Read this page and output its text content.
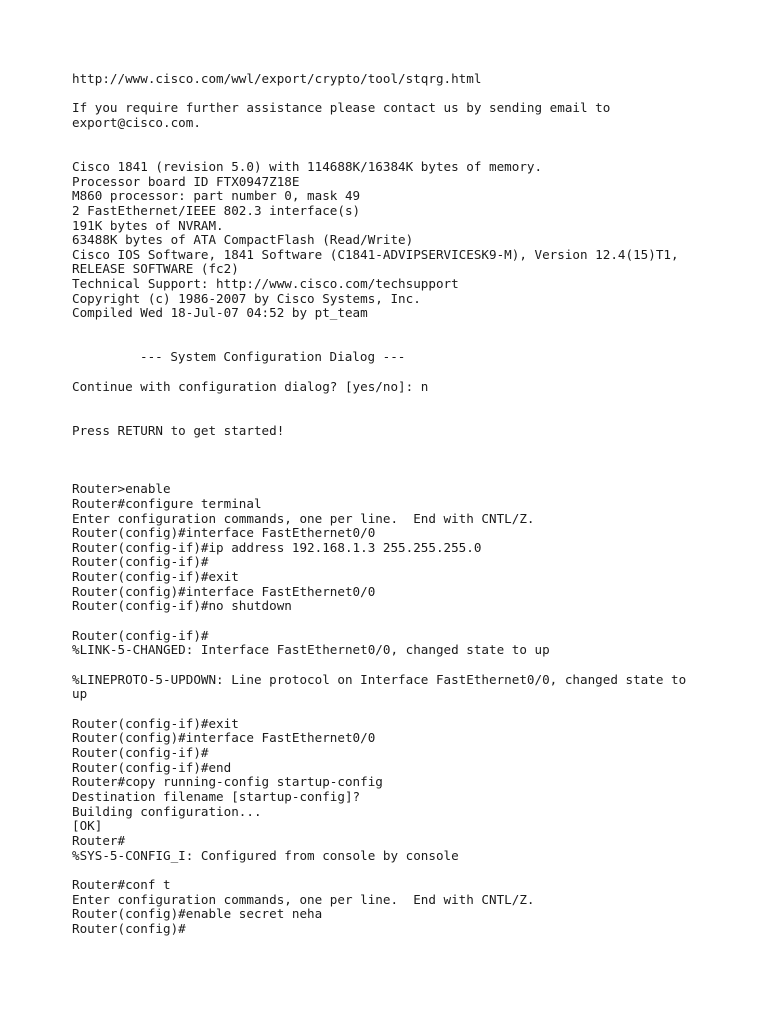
http://www.cisco.com/wwl/export/crypto/tool/stqrg.html
If you require further assistance please contact us by sending email to
export@cisco.com.
Cisco 1841 (revision 5.0) with 114688K/16384K bytes of memory.
Processor board ID FTX0947Z18E
M860 processor: part number 0, mask 49
2 FastEthernet/IEEE 802.3 interface(s)
191K bytes of NVRAM.
63488K bytes of ATA CompactFlash (Read/Write)
Cisco IOS Software, 1841 Software (C1841-ADVIPSERVICESK9-M), Version 12.4(15)T1,
RELEASE SOFTWARE (fc2)
Technical Support: http://www.cisco.com/techsupport
Copyright (c) 1986-2007 by Cisco Systems, Inc.
Compiled Wed 18-Jul-07 04:52 by pt_team
--- System Configuration Dialog ---
Continue with configuration dialog? [yes/no]: n
Press RETURN to get started!
Router>enable
Router#configure terminal
Enter configuration commands, one per line.  End with CNTL/Z.
Router(config)#interface FastEthernet0/0
Router(config-if)#ip address 192.168.1.3 255.255.255.0
Router(config-if)#
Router(config-if)#exit
Router(config)#interface FastEthernet0/0
Router(config-if)#no shutdown
Router(config-if)#
%LINK-5-CHANGED: Interface FastEthernet0/0, changed state to up
%LINEPROTO-5-UPDOWN: Line protocol on Interface FastEthernet0/0, changed state to
up
Router(config-if)#exit
Router(config)#interface FastEthernet0/0
Router(config-if)#
Router(config-if)#end
Router#copy running-config startup-config
Destination filename [startup-config]?
Building configuration...
[OK]
Router#
%SYS-5-CONFIG_I: Configured from console by console
Router#conf t
Enter configuration commands, one per line.  End with CNTL/Z.
Router(config)#enable secret neha
Router(config)#
